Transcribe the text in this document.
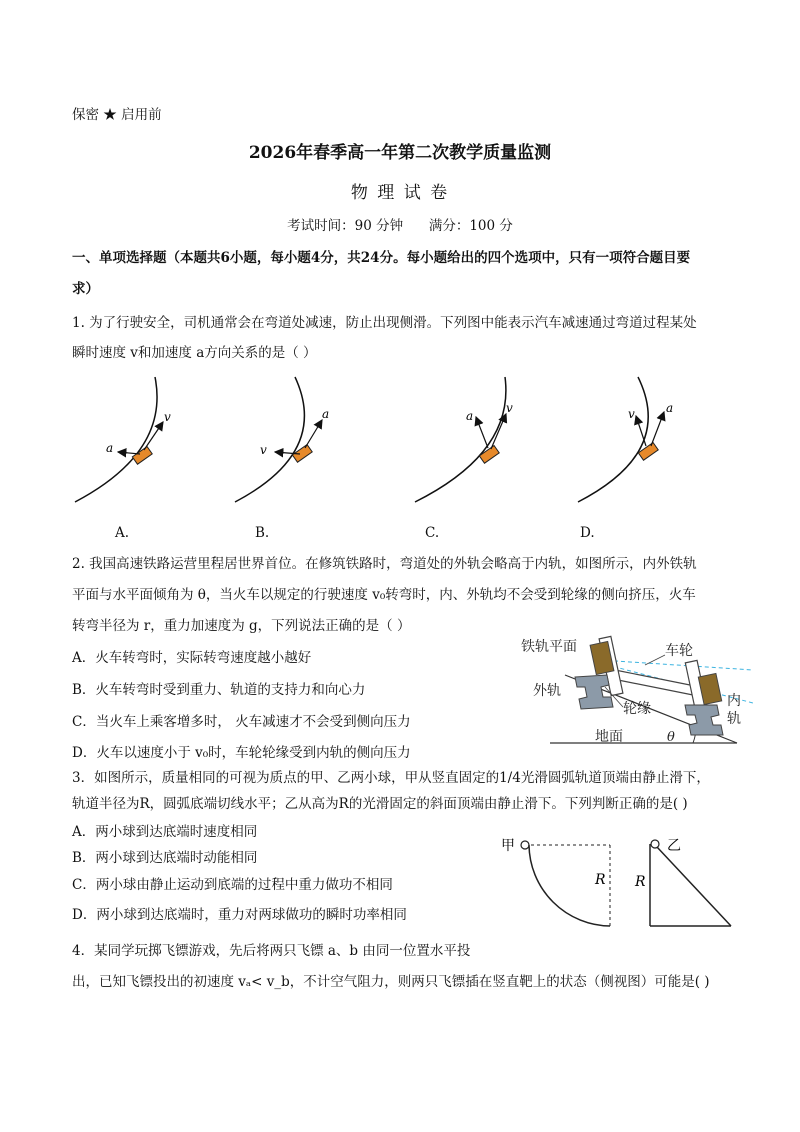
保密 ★ 启用前
2026年春季高一年第二次教学质量监测
物 理 试 卷
考试时间：90 分钟      满分：100 分
一、单项选择题（本题共6小题，每小题4分，共24分。每小题给出的四个选项中，只有一项符合题目要
求）
1. 为了行驶安全，司机通常会在弯道处减速，防止出现侧滑。下列图中能表示汽车减速通过弯道过程某处
瞬时速度 v和加速度 a方向关系的是（ ）
v
a	v
a	a
v	v	a
A.	B.	C.	D.
2. 我国高速铁路运营里程居世界首位。在修筑铁路时，弯道处的外轨会略高于内轨，如图所示，内外铁轨
平面与水平面倾角为 θ，当火车以规定的行驶速度 v₀转弯时，内、外轨均不会受到轮缘的侧向挤压，火车
转弯半径为 r，重力加速度为 g，下列说法正确的是（ ）
A．火车转弯时，实际转弯速度越小越好
B．火车转弯时受到重力、轨道的支持力和向心力
C．当火车上乘客增多时， 火车减速才不会受到侧向压力
D．火车以速度小于 v₀时，车轮轮缘受到内轨的侧向压力
铁轨平面	车轮
外轨
轮缘	内
轨
地面	θ
3．如图所示，质量相同的可视为质点的甲、乙两小球，甲从竖直固定的1/4光滑圆弧轨道顶端由静止滑下，
轨道半径为R，圆弧底端切线水平；乙从高为R的光滑固定的斜面顶端由静止滑下。下列判断正确的是( )
A．两小球到达底端时速度相同
B．两小球到达底端时动能相同
C．两小球由静止运动到底端的过程中重力做功不相同
D．两小球到达底端时，重力对两球做功的瞬时功率相同
甲
R
乙
R
4．某同学玩掷飞镖游戏，先后将两只飞镖 a、b 由同一位置水平投
出，已知飞镖投出的初速度 vₐ< v_b，不计空气阻力，则两只飞镖插在竖直靶上的状态（侧视图）可能是( )
